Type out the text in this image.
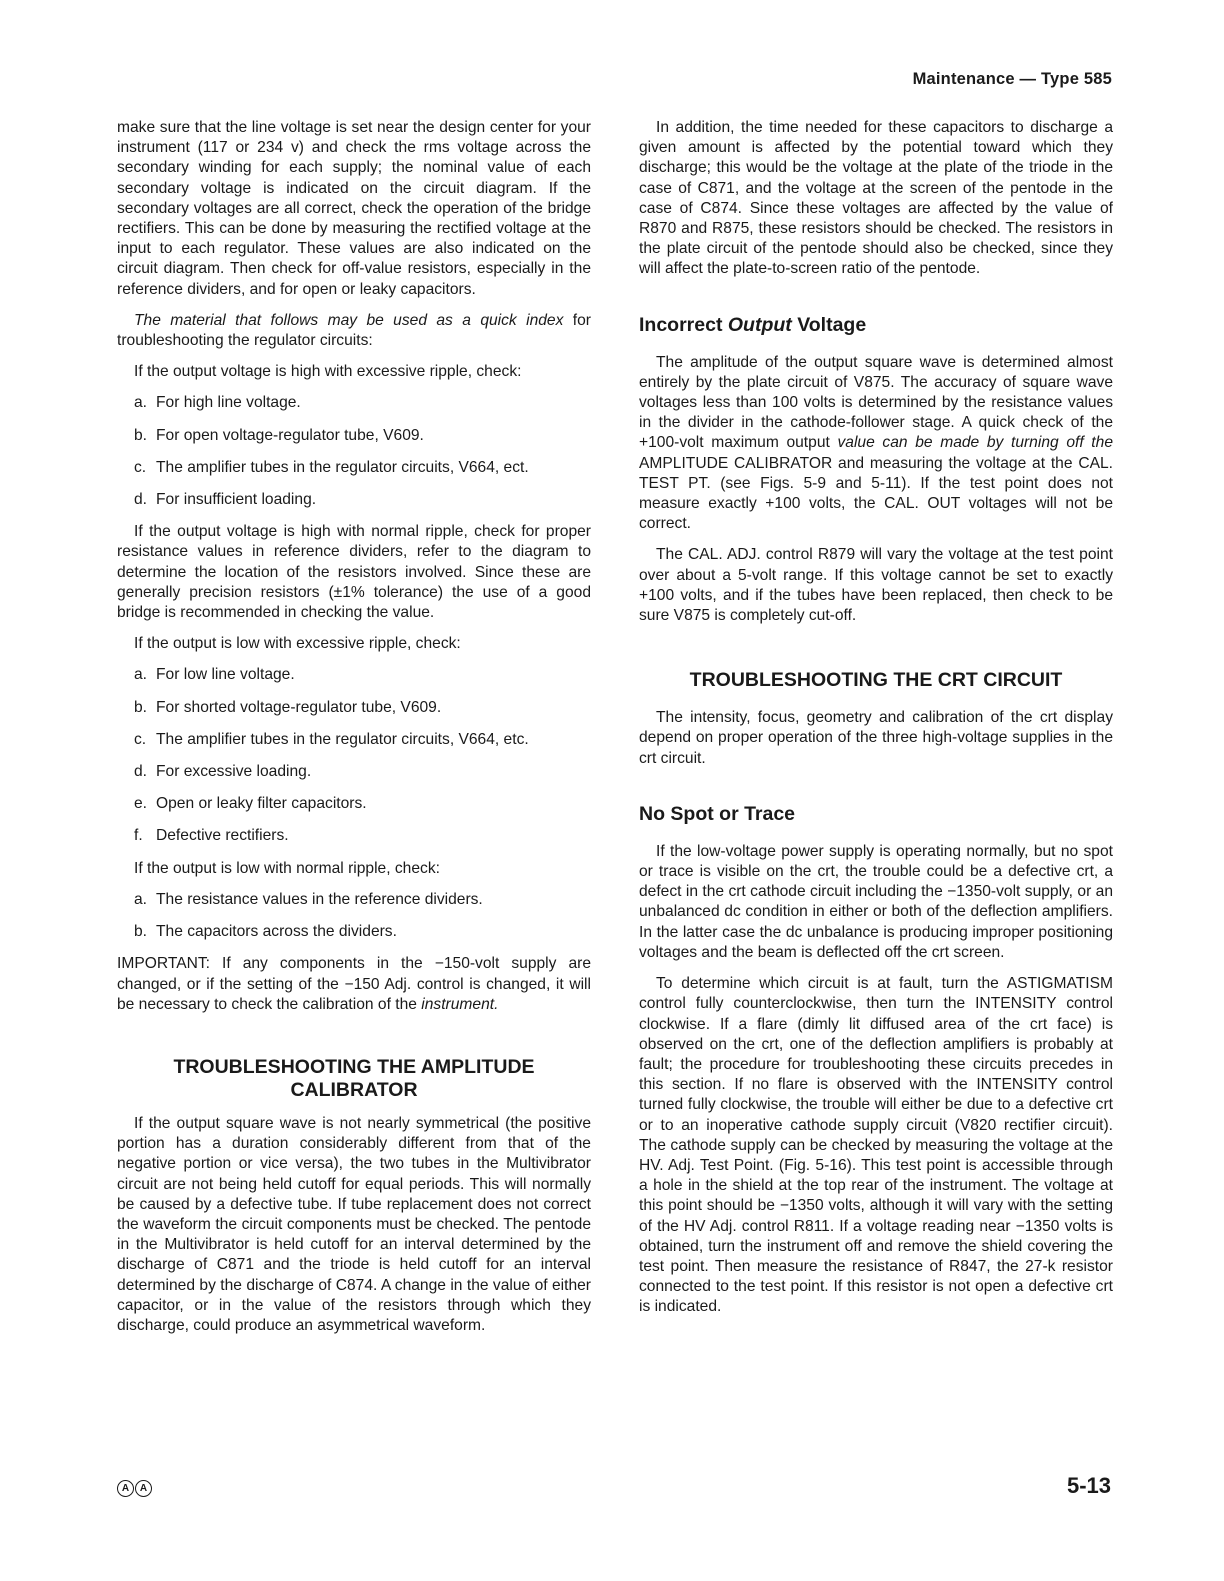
Maintenance — Type 585

make sure that the line voltage is set near the design center for your instrument (117 or 234 v) and check the rms voltage across the secondary winding for each supply; the nominal value of each secondary voltage is indicated on the circuit diagram. If the secondary voltages are all correct, check the operation of the bridge rectifiers. This can be done by measuring the rectified voltage at the input to each regulator. These values are also indicated on the circuit diagram. Then check for off-value resistors, especially in the reference dividers, and for open or leaky capacitors.

The material that follows may be used as a quick index for troubleshooting the regulator circuits:

If the output voltage is high with excessive ripple, check:

a. For high line voltage.

b. For open voltage-regulator tube, V609.

c. The amplifier tubes in the regulator circuits, V664, ect.

d. For insufficient loading.

If the output voltage is high with normal ripple, check for proper resistance values in reference dividers, refer to the diagram to determine the location of the resistors involved. Since these are generally precision resistors (±1% tolerance) the use of a good bridge is recommended in checking the value.

If the output is low with excessive ripple, check:

a. For low line voltage.

b. For shorted voltage-regulator tube, V609.

c. The amplifier tubes in the regulator circuits, V664, etc.

d. For excessive loading.

e. Open or leaky filter capacitors.

f. Defective rectifiers.

If the output is low with normal ripple, check:

a. The resistance values in the reference dividers.

b. The capacitors across the dividers.

IMPORTANT: If any components in the −150-volt supply are changed, or if the setting of the −150 Adj. control is changed, it will be necessary to check the calibration of the instrument.

TROUBLESHOOTING THE AMPLITUDE
CALIBRATOR

If the output square wave is not nearly symmetrical (the positive portion has a duration considerably different from that of the negative portion or vice versa), the two tubes in the Multivibrator circuit are not being held cutoff for equal periods. This will normally be caused by a defective tube. If tube replacement does not correct the waveform the circuit components must be checked. The pentode in the Multivibrator is held cutoff for an interval determined by the discharge of C871 and the triode is held cutoff for an interval determined by the discharge of C874. A change in the value of either capacitor, or in the value of the resistors through which they discharge, could produce an asymmetrical waveform.

In addition, the time needed for these capacitors to discharge a given amount is affected by the potential toward which they discharge; this would be the voltage at the plate of the triode in the case of C871, and the voltage at the screen of the pentode in the case of C874. Since these voltages are affected by the value of R870 and R875, these resistors should be checked. The resistors in the plate circuit of the pentode should also be checked, since they will affect the plate-to-screen ratio of the pentode.

Incorrect Output Voltage

The amplitude of the output square wave is determined almost entirely by the plate circuit of V875. The accuracy of square wave voltages less than 100 volts is determined by the resistance values in the divider in the cathode-follower stage. A quick check of the +100-volt maximum output value can be made by turning off the AMPLITUDE CALIBRATOR and measuring the voltage at the CAL. TEST PT. (see Figs. 5-9 and 5-11). If the test point does not measure exactly +100 volts, the CAL. OUT voltages will not be correct.

The CAL. ADJ. control R879 will vary the voltage at the test point over about a 5-volt range. If this voltage cannot be set to exactly +100 volts, and if the tubes have been replaced, then check to be sure V875 is completely cut-off.

TROUBLESHOOTING THE CRT CIRCUIT

The intensity, focus, geometry and calibration of the crt display depend on proper operation of the three high-voltage supplies in the crt circuit.

No Spot or Trace

If the low-voltage power supply is operating normally, but no spot or trace is visible on the crt, the trouble could be a defective crt, a defect in the crt cathode circuit including the −1350-volt supply, or an unbalanced dc condition in either or both of the deflection amplifiers. In the latter case the dc unbalance is producing improper positioning voltages and the beam is deflected off the crt screen.

To determine which circuit is at fault, turn the ASTIGMATISM control fully counterclockwise, then turn the INTENSITY control clockwise. If a flare (dimly lit diffused area of the crt face) is observed on the crt, one of the deflection amplifiers is probably at fault; the procedure for troubleshooting these circuits precedes in this section. If no flare is observed with the INTENSITY control turned fully clockwise, the trouble will either be due to a defective crt or to an inoperative cathode supply circuit (V820 rectifier circuit). The cathode supply can be checked by measuring the voltage at the HV. Adj. Test Point. (Fig. 5-16). This test point is accessible through a hole in the shield at the top rear of the instrument. The voltage at this point should be −1350 volts, although it will vary with the setting of the HV Adj. control R811. If a voltage reading near −1350 volts is obtained, turn the instrument off and remove the shield covering the test point. Then measure the resistance of R847, the 27-k resistor connected to the test point. If this resistor is not open a defective crt is indicated.

A	A	5-13
